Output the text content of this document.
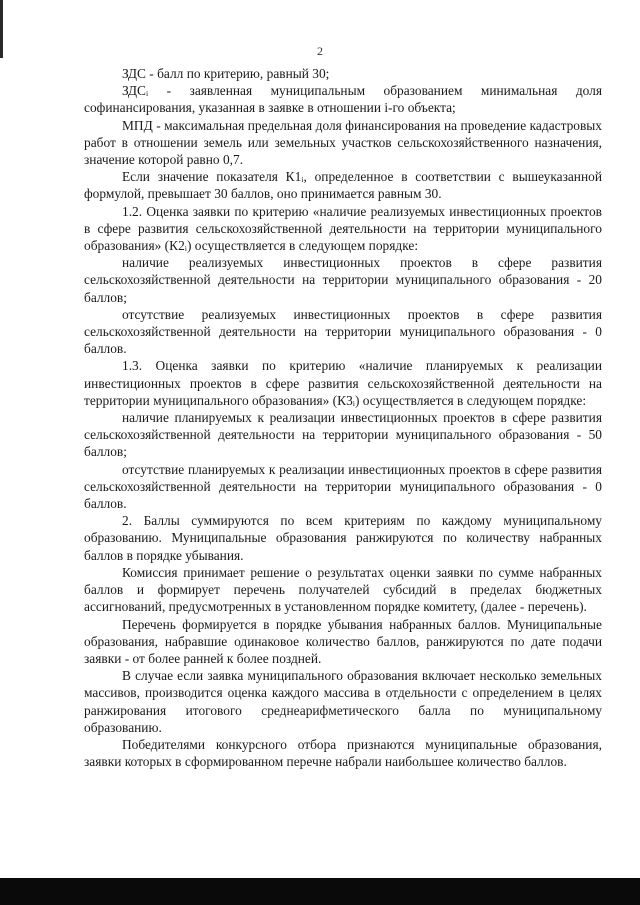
2

ЗДС - балл по критерию, равный 30;

ЗДСᵢ - заявленная муниципальным образованием минимальная доля софинансирования, указанная в заявке в отношении i-го объекта;

МПД - максимальная предельная доля финансирования на проведение кадастровых работ в отношении земель или земельных участков сельскохозяйственного назначения, значение которой равно 0,7.

Если значение показателя К1ᵢ, определенное в соответствии с вышеуказанной формулой, превышает 30 баллов, оно принимается равным 30.

1.2. Оценка заявки по критерию «наличие реализуемых инвестиционных проектов в сфере развития сельскохозяйственной деятельности на территории муниципального образования» (К2ᵢ) осуществляется в следующем порядке:

наличие реализуемых инвестиционных проектов в сфере развития сельскохозяйственной деятельности на территории муниципального образования - 20 баллов;

отсутствие реализуемых инвестиционных проектов в сфере развития сельскохозяйственной деятельности на территории муниципального образования - 0 баллов.

1.3. Оценка заявки по критерию «наличие планируемых к реализации инвестиционных проектов в сфере развития сельскохозяйственной деятельности на территории муниципального образования» (К3ᵢ) осуществляется в следующем порядке:

наличие планируемых к реализации инвестиционных проектов в сфере развития сельскохозяйственной деятельности на территории муниципального образования - 50 баллов;

отсутствие планируемых к реализации инвестиционных проектов в сфере развития сельскохозяйственной деятельности на территории муниципального образования - 0 баллов.

2. Баллы суммируются по всем критериям по каждому муниципальному образованию. Муниципальные образования ранжируются по количеству набранных баллов в порядке убывания.

Комиссия принимает решение о результатах оценки заявки по сумме набранных баллов и формирует перечень получателей субсидий в пределах бюджетных ассигнований, предусмотренных в установленном порядке комитету, (далее - перечень).

Перечень формируется в порядке убывания набранных баллов. Муниципальные образования, набравшие одинаковое количество баллов, ранжируются по дате подачи заявки - от более ранней к более поздней.

В случае если заявка муниципального образования включает несколько земельных массивов, производится оценка каждого массива в отдельности с определением в целях ранжирования итогового среднеарифметического балла по муниципальному образованию.

Победителями конкурсного отбора признаются муниципальные образования, заявки которых в сформированном перечне набрали наибольшее количество баллов.
